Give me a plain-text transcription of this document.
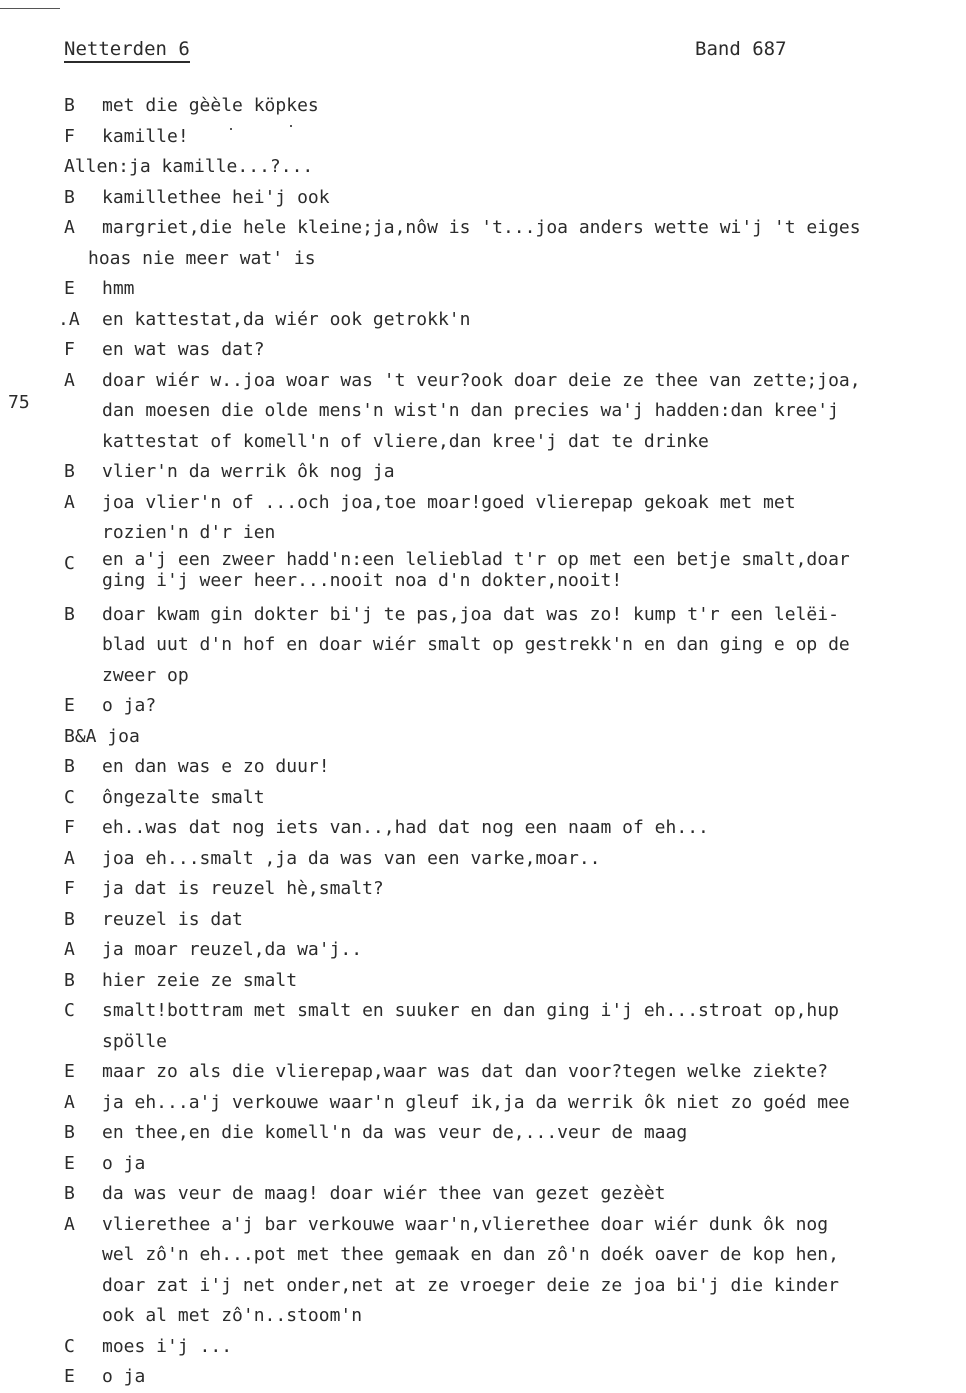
Netterden 6	Band 687
75
B met die gèèle köpkes
F kamille!
Allen:ja kamille...?...
B kamillethee hei'j ook
A margriet,die hele kleine;ja,nôw is 't...joa anders wette wi'j 't eiges
hoas nie meer wat' is
E hmm
.A en kattestat,da wiér ook getrokk'n
F en wat was dat?
A doar wiér w..joa woar was 't veur?ook doar deie ze thee van zette;joa,
dan moesen die olde mens'n wist'n dan precies wa'j hadden:dan kree'j
kattestat of komell'n of vliere,dan kree'j dat te drinke
B vlier'n da werrik ôk nog ja
A joa vlier'n of ...och joa,toe moar!goed vlierepap gekoak met met
rozien'n d'r ien
C en a'j een zweer hadd'n:een lelieblad t'r op met een betje smalt,doar
ging i'j weer heer...nooit noa d'n dokter,nooit!
B doar kwam gin dokter bi'j te pas,joa dat was zo! kump t'r een lelëi-
blad uut d'n hof en doar wiér smalt op gestrekk'n en dan ging e op de
zweer op
E o ja?
B&A joa
B en dan was e zo duur!
C ôngezalte smalt
F eh..was dat nog iets van..,had dat nog een naam of eh...
A joa eh...smalt ,ja da was van een varke,moar..
F ja dat is reuzel hè,smalt?
B reuzel is dat
A ja moar reuzel,da wa'j..
B hier zeie ze smalt
C smalt!bottram met smalt en suuker en dan ging i'j eh...stroat op,hup
spölle
E maar zo als die vlierepap,waar was dat dan voor?tegen welke ziekte?
A ja eh...a'j verkouwe waar'n gleuf ik,ja da werrik ôk niet zo goéd mee
B en thee,en die komell'n da was veur de,...veur de maag
E o ja
B da was veur de maag! doar wiér thee van gezet gezèèt
A vlierethee a'j bar verkouwe waar'n,vlierethee doar wiér dunk ôk nog
wel zô'n eh...pot met thee gemaak en dan zô'n doék oaver de kop hen,
doar zat i'j net onder,net at ze vroeger deie ze joa bi'j die kinder
ook al met zô'n..stoom'n
C moes i'j ...
E o ja
